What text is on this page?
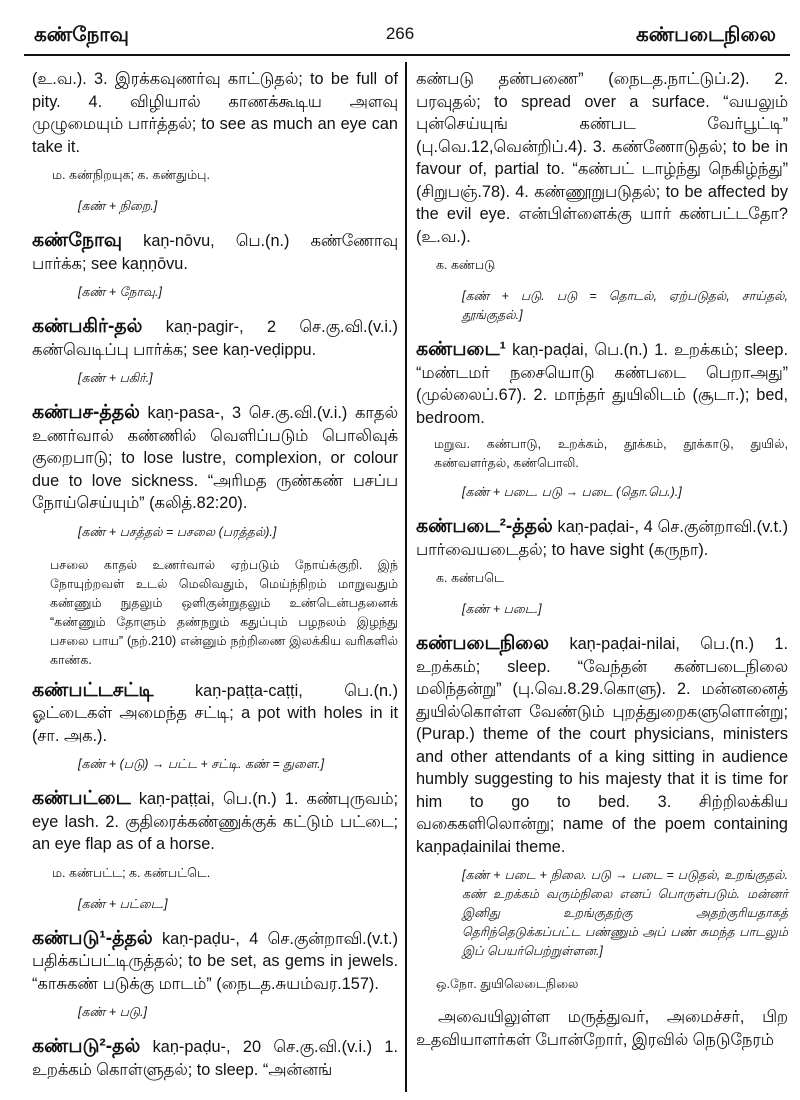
கண்நோவு	266	கண்படைநிலை

(உ.வ.). 3. இரக்கவுணர்வு காட்டுதல்; to be full of pity. 4. விழியால் காணக்கூடிய அளவு முழுமையும் பார்த்தல்; to see as much an eye can take it.

ம. கண்நிறயுக; க. கண்தும்பு.

[கண் + நிறை.]

கண்நோவு kaṇ-nōvu, பெ.(n.) கண்ணோவு பார்க்க; see kaṇṇōvu.

[கண் + நோவு.]

கண்பகிர்-தல் kaṇ-pagir-, 2 செ.கு.வி.(v.i.) கண்வெடிப்பு பார்க்க; see kaṇ-veḍippu.

[கண் + பகிர்.]

கண்பச-த்தல் kaṇ-pasa-, 3 செ.கு.வி.(v.i.) காதல் உணர்வால் கண்ணில் வெளிப்படும் பொலிவுக் குறைபாடு; to lose lustre, complexion, or colour due to love sickness. “அரிமத ருண்கண் பசப்ப நோய்செய்யும்” (கலித்.82:20).

[கண் + பசத்தல் = பசலை (பரத்தல்).]

பசலை காதல் உணர்வால் ஏற்படும் நோய்க்குறி. இந் நோயுற்றவள் உடல் மெலிவதும், மெய்ந்நிறம் மாறுவதும் கண்ணும் நுதலும் ஒளிகுன்றுதலும் உண்டென்பதனைக் “கண்ணும் தோளும் தண்நறும் கதுப்பும் பழநலம் இழந்து பசலை பாய” (நற்.210) என்னும் நற்றிணை இலக்கிய வரிகளில் காண்க.

கண்பட்டசட்டி	kaṇ-paṭṭa-caṭṭi, பெ.(n.) ஓட்டைகள் அமைந்த சட்டி; a pot with holes in it (சா. அக.).

[கண் + (படு) → பட்ட + சட்டி. கண் = துளை.]

கண்பட்டை kaṇ-paṭṭai, பெ.(n.) 1. கண்புருவம்; eye lash. 2. குதிரைக்கண்ணுக்குக் கட்டும் பட்டை; an eye flap as of a horse.

ம. கண்பட்ட; க. கண்பட்டெ.

[கண் + பட்டை.]

கண்படு¹-த்தல் kaṇ-paḍu-, 4 செ.குன்றாவி.(v.t.) பதிக்கப்பட்டிருத்தல்; to be set, as gems in jewels. “காசுகண் படுக்கு மாடம்” (நைடத.சுயம்வர.157).

[கண் + படு.]

கண்படு²-தல் kaṇ-paḍu-, 20 செ.கு.வி.(v.i.) 1. உறக்கம் கொள்ளுதல்; to sleep. “அன்னங்

கண்படு தண்பணை” (நைடத.நாட்டுப்.2). 2. பரவுதல்; to spread over a surface. “வயலும் புன்செய்யுங் கண்பட வேர்பூட்டி” (பு.வெ.12,வென்றிப்.4). 3. கண்ணோடுதல்; to be in favour of, partial to. “கண்பட் டாழ்ந்து நெகிழ்ந்து” (சிறுபஞ்.78). 4. கண்ணூறுபடுதல்; to be affected by the evil eye. என்பிள்ளைக்கு யார் கண்பட்டதோ? (உ.வ.).

க. கண்படு

[கண் + படு. படு = தொடல், ஏற்படுதல், சாய்தல், தூங்குதல்.]

கண்படை¹ kaṇ-paḍai, பெ.(n.) 1. உறக்கம்; sleep. “மண்டமர் நசையொடு கண்படை பெறாஅது” (முல்லைப்.67). 2. மாந்தர் துயிலிடம் (சூடா.); bed, bedroom.

மறுவ. கண்பாடு, உறக்கம், தூக்கம், தூக்காடு, துயில், கண்வளர்தல், கண்பொலி.

[கண் + படை. படு → படை (தொ.பெ.).]

கண்படை²-த்தல் kaṇ-paḍai-, 4 செ.குன்றாவி.(v.t.) பார்வையடைதல்; to have sight (கருநா).

க. கண்படெ

[கண் + படை.]

கண்படைநிலை kaṇ-paḍai-nilai, பெ.(n.) 1. உறக்கம்; sleep. “வேந்தன் கண்படைநிலை மலிந்தன்று” (பு.வெ.8.29.கொளு). 2. மன்னனைத் துயில்கொள்ள வேண்டும் புறத்துறைகளுளொன்று; (Purap.) theme of the court physicians, ministers and other attendants of a king sitting in audience humbly suggesting to his majesty that it is time for him to go to bed. 3. சிற்றிலக்கிய வகைகளிலொன்று; name of the poem containing kaṇpaḍainilai theme.

[கண் + படை + நிலை. படு → படை = படுதல், உறங்குதல். கண் உறக்கம் வரும்நிலை எனப் பொருள்படும். மன்னர் இனிது உறங்குதற்கு அதற்குரியதாகத் தெரிந்தெடுக்கப்பட்ட பண்ணும் அப் பண் சுமந்த பாடலும் இப் பெயர்பெற்றுள்ளன.]

ஒ.நோ. துயிலெடைநிலை

அவையிலுள்ள மருத்துவர், அமைச்சர், பிற உதவியாளர்கள் போன்றோர், இரவில் நெடுநேரம்
